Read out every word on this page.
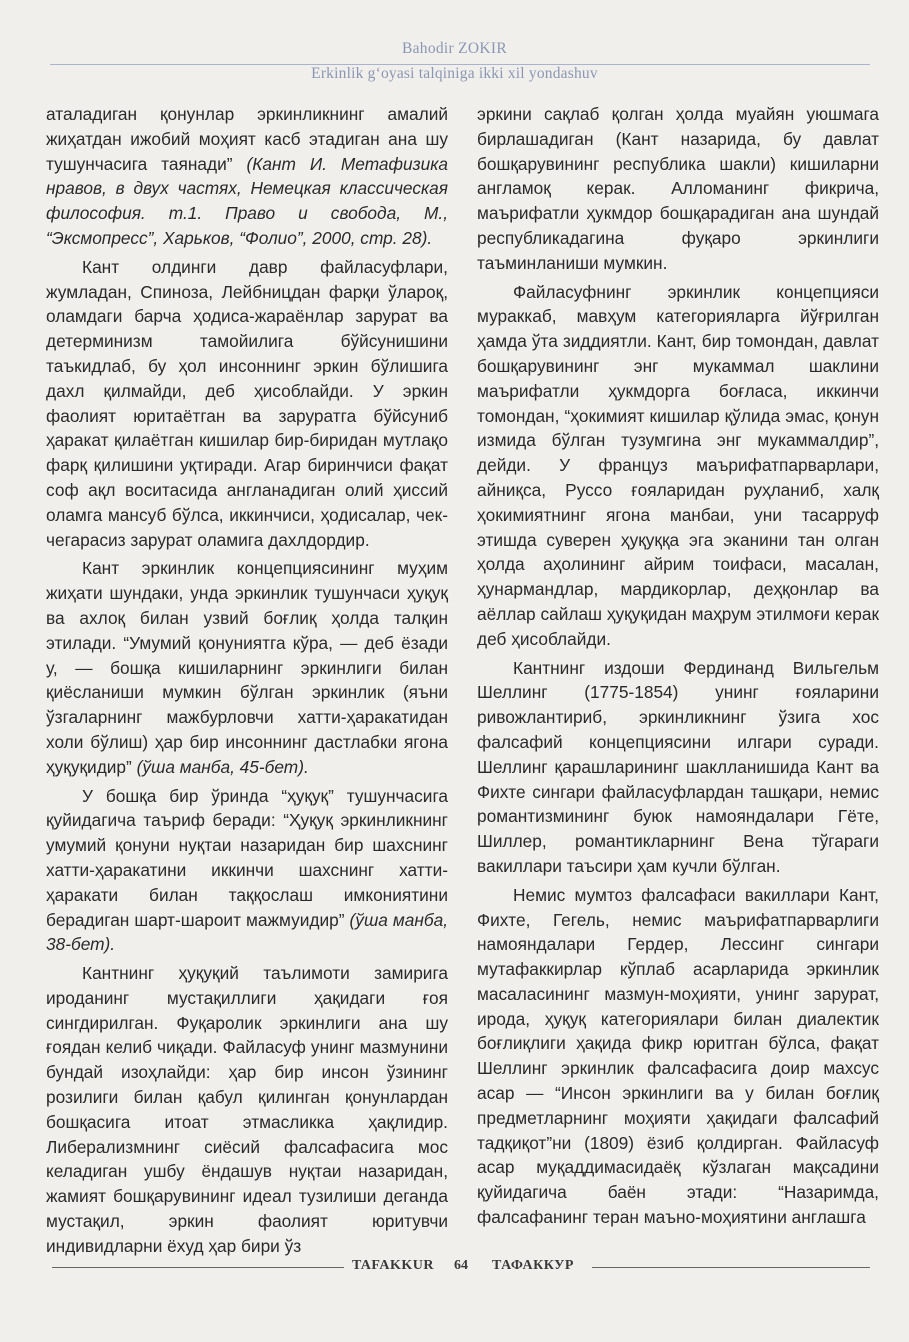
Bahodir ZOKIR
Erkinlik g‘oyasi talqiniga ikki xil yondashuv

аталадиган қонунлар эркинликнинг амалий жиҳатдан ижобий моҳият касб этадиган ана шу тушунчасига таянади” (Кант И. Метафизика нравов, в двух частях, Немецкая классическая философия. т.1. Право и свобода, М., “Эксмопресс”, Харьков, “Фолио”, 2000, стр. 28).

Кант олдинги давр файласуфлари, жумладан, Спиноза, Лейбницдан фарқи ўлароқ, оламдаги барча ҳодиса-жараёнлар зарурат ва детерминизм тамойилига бўйсунишини таъкидлаб, бу ҳол инсоннинг эркин бўлишига дахл қилмайди, деб ҳисоблайди. У эркин фаолият юритаётган ва заруратга бўйсуниб ҳаракат қилаётган кишилар бир-биридан мутлақо фарқ қилишини уқтиради. Агар биринчиси фақат соф ақл воситасида англанадиган олий ҳиссий оламга мансуб бўлса, иккинчиси, ҳодисалар, чек-чегарасиз зарурат оламига дахлдордир.

Кант эркинлик концепциясининг муҳим жиҳати шундаки, унда эркинлик тушунчаси ҳуқуқ ва ахлоқ билан узвий боғлиқ ҳолда талқин этилади. “Умумий қонуниятга кўра, — деб ёзади у, — бошқа кишиларнинг эркинлиги билан қиёсланиши мумкин бўлган эркинлик (яъни ўзгаларнинг мажбурловчи хатти-ҳаракатидан холи бўлиш) ҳар бир инсоннинг дастлабки ягона ҳуқуқидир” (ўша манба, 45-бет).

У бошқа бир ўринда “ҳуқуқ” тушунчасига қуйидагича таъриф беради: “Ҳуқуқ эркинликнинг умумий қонуни нуқтаи назаридан бир шахснинг хатти-ҳаракатини иккинчи шахснинг хатти-ҳаракати билан таққослаш имкониятини берадиган шарт-шароит мажмуидир” (ўша манба, 38-бет).

Кантнинг ҳуқуқий таълимоти замирига ироданинг мустақиллиги ҳақидаги ғоя сингдирилган. Фуқаролик эркинлиги ана шу ғоядан келиб чиқади. Файласуф унинг мазмунини бундай изоҳлайди: ҳар бир инсон ўзининг розилиги билан қабул қилинган қонунлардан бошқасига итоат этмасликка ҳақлидир. Либерализмнинг сиёсий фалсафасига мос келадиган ушбу ёндашув нуқтаи назаридан, жамият бошқарувининг идеал тузилиши деганда мустақил, эркин фаолият юритувчи индивидларни ёхуд ҳар бири ўз

эркини сақлаб қолган ҳолда муайян уюшмага бирлашадиган (Кант назарида, бу давлат бошқарувининг республика шакли) кишиларни англамоқ керак. Алломанинг фикрича, маърифатли ҳукмдор бошқарадиган ана шундай республикадагина фуқаро эркинлиги таъминланиши мумкин.

Файласуфнинг эркинлик концепцияси мураккаб, мавҳум категорияларга йўғрилган ҳамда ўта зиддиятли. Кант, бир томондан, давлат бошқарувининг энг мукаммал шаклини маърифатли ҳукмдорга боғласа, иккинчи томондан, “ҳокимият кишилар қўлида эмас, қонун измида бўлган тузумгина энг мукаммалдир”, дейди. У француз маърифатпарварлари, айниқса, Руссо ғояларидан руҳланиб, халқ ҳокимиятнинг ягона манбаи, уни тасарруф этишда суверен ҳуқуққа эга эканини тан олган ҳолда аҳолининг айрим тоифаси, масалан, ҳунармандлар, мардикорлар, деҳқонлар ва аёллар сайлаш ҳуқуқидан маҳрум этилмоғи керак деб ҳисоблайди.

Кантнинг издоши Фердинанд Вильгельм Шеллинг (1775-1854) унинг ғояларини ривожлантириб, эркинликнинг ўзига хос фалсафий концепциясини илгари суради. Шеллинг қарашларининг шаклланишида Кант ва Фихте сингари файласуфлардан ташқари, немис романтизмининг буюк намояндалари Гёте, Шиллер, романтикларнинг Вена тўгараги вакиллари таъсири ҳам кучли бўлган.

Немис мумтоз фалсафаси вакиллари Кант, Фихте, Гегель, немис маърифатпарварлиги намояндалари Гердер, Лессинг сингари мутафаккирлар кўплаб асарларида эркинлик масаласининг мазмун-моҳияти, унинг зарурат, ирода, ҳуқуқ категориялари билан диалектик боғлиқлиги ҳақида фикр юритган бўлса, фақат Шеллинг эркинлик фалсафасига доир махсус асар — “Инсон эркинлиги ва у билан боғлиқ предметларнинг моҳияти ҳақидаги фалсафий тадқиқот”ни (1809) ёзиб қолдирган. Файласуф асар муқаддимасидаёқ кўзлаган мақсадини қуйидагича баён этади: “Назаримда, фалсафанинг теран маъно-моҳиятини англашга

TAFAKKUR 64 ТАФАККУР
